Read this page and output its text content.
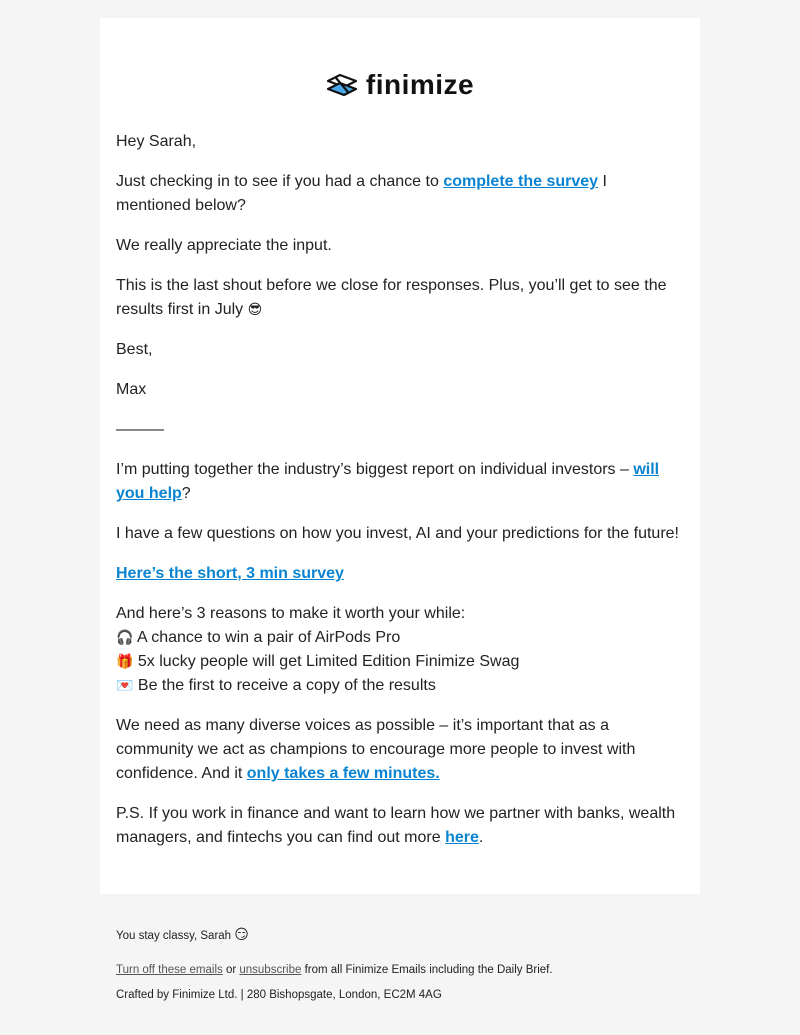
finimize

Hey Sarah,

Just checking in to see if you had a chance to complete the survey I mentioned below?

We really appreciate the input.

This is the last shout before we close for responses. Plus, you’ll get to see the results first in July 😎

Best,

Max

———

I’m putting together the industry’s biggest report on individual investors – will you help?

I have a few questions on how you invest, AI and your predictions for the future!

Here’s the short, 3 min survey

And here’s 3 reasons to make it worth your while:
🎧 A chance to win a pair of AirPods Pro
🎁 5x lucky people will get Limited Edition Finimize Swag
💌 Be the first to receive a copy of the results

We need as many diverse voices as possible – it’s important that as a community we act as champions to encourage more people to invest with confidence. And it only takes a few minutes.

P.S. If you work in finance and want to learn how we partner with banks, wealth managers, and fintechs you can find out more here.

You stay classy, Sarah 😏

Turn off these emails or unsubscribe from all Finimize Emails including the Daily Brief.

Crafted by Finimize Ltd. | 280 Bishopsgate, London, EC2M 4AG
